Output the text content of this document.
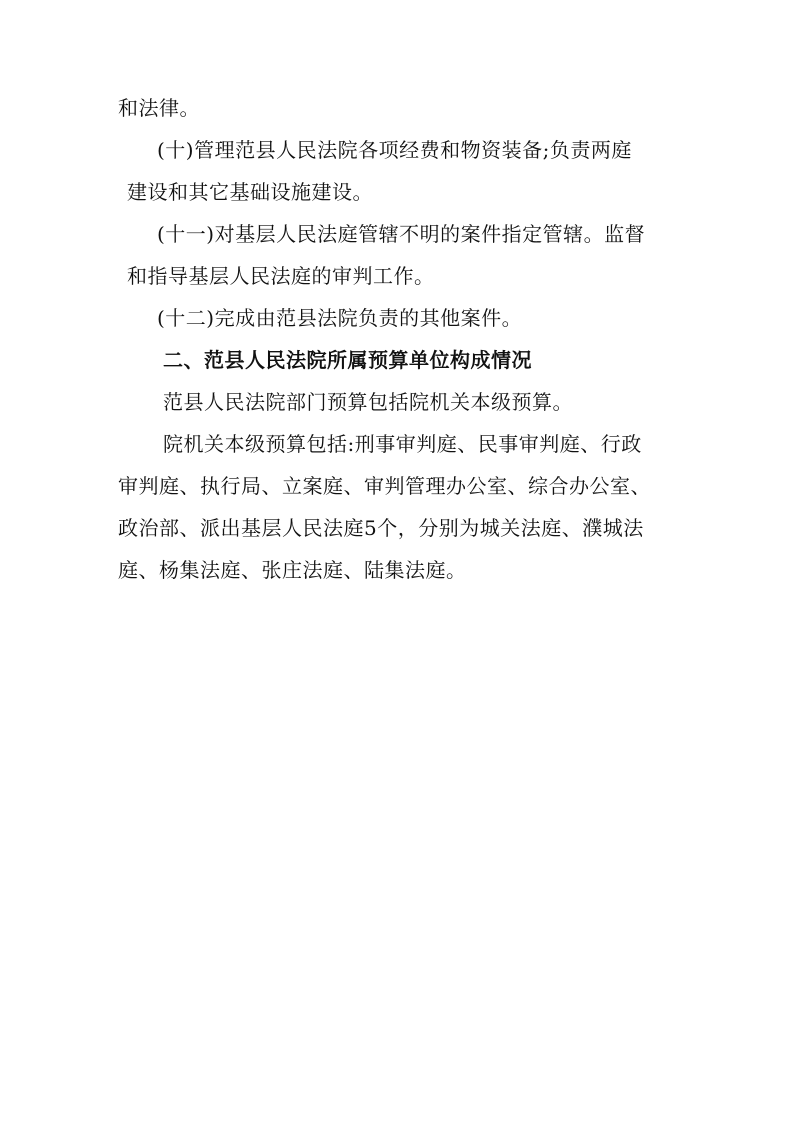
和法律。
(十)管理范县人民法院各项经费和物资装备;负责两庭
建设和其它基础设施建设。
(十一)对基层人民法庭管辖不明的案件指定管辖。监督
和指导基层人民法庭的审判工作。
(十二)完成由范县法院负责的其他案件。
二、范县人民法院所属预算单位构成情况
范县人民法院部门预算包括院机关本级预算。
院机关本级预算包括:刑事审判庭、民事审判庭、行政
审判庭、执行局、立案庭、审判管理办公室、综合办公室、
政治部、派出基层人民法庭5个，分别为城关法庭、濮城法
庭、杨集法庭、张庄法庭、陆集法庭。
